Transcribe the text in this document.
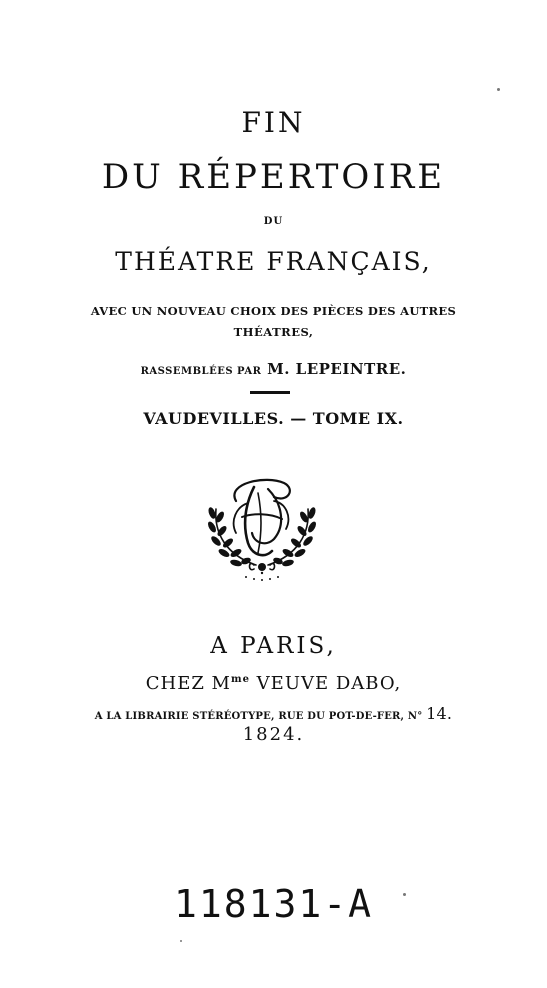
FIN
DU RÉPERTOIRE
DU
THÉATRE FRANÇAIS,
AVEC UN NOUVEAU CHOIX DES PIÈCES DES AUTRES
THÉATRES,
RASSEMBLÉES PAR M. LEPEINTRE.
VAUDEVILLES. — TOME IX.
A PARIS,
CHEZ $M^{me}$ VEUVE DABO,
A LA LIBRAIRIE STÉRÉOTYPE, RUE DU POT-DE-FER, N° 14.
1824.
118131-A
